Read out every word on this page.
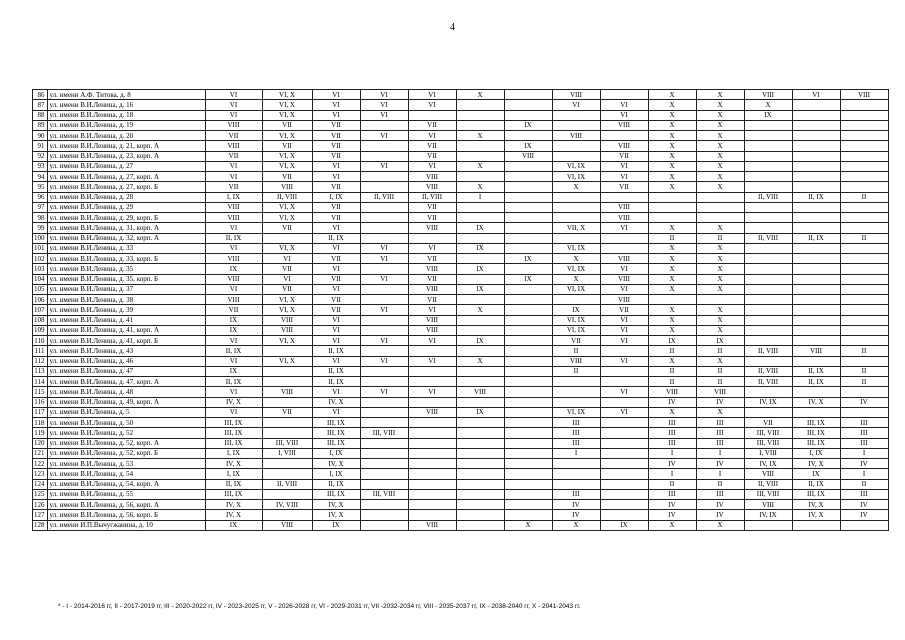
4
86	ул. имени А.Ф. Титова, д. 8	VI	VI, X	VI	VI	VI	X		VIII		X	X	VIII	VI	VIII
87	ул. имени В.И.Ленина, д. 16	VI	VI, X	VI	VI	VI			VI	VI	X	X	X		
88	ул. имени В.И.Ленина, д. 18	VI	VI, X	VI	VI					VI	X	X	IX		
89	ул. имени В.И.Ленина, д. 19	VIII	VII	VII		VII		IX		VIII	X	X			
90	ул. имени В.И.Ленина, д. 20	VII	VI, X	VII	VI	VI	X		VIII		X	X			
91	ул. имени В.И.Ленина, д. 21, корп. А	VIII	VII	VII		VII		IX		VIII	X	X			
92	ул. имени В.И.Ленина, д. 23, корп. А	VII	VI, X	VII		VII		VIII		VII	X	X			
93	ул. имени В.И.Ленина, д. 27	VI	VI, X	VI	VI	VI	X		VI, IX	VI	X	X			
94	ул. имени В.И.Ленина, д. 27, корп. А	VI	VII	VI		VIII			VI, IX	VI	X	X			
95	ул. имени В.И.Ленина, д. 27, корп. Б	VII	VIII	VII		VIII	X		X	VII	X	X			
96	ул. имени В.И.Ленина, д. 28	I, IX	II, VIII	I, IX	II, VIII	II, VIII	I						II, VIII	II, IX	II
97	ул. имени В.И.Ленина, д. 29	VIII	VI, X	VII		VII				VIII					
98	ул. имени В.И.Ленина, д. 29, корп. Б	VIII	VI, X	VII		VII				VIII					
99	ул. имени В.И.Ленина, д. 31, корп. А	VI	VII	VI		VIII	IX		VII, X	VI	X	X			
100	ул. имени В.И.Ленина, д. 32, корп. А	II, IX		II, IX							II	II	II, VIII	II, IX	II
101	ул. имени В.И.Ленина, д. 33	VI	VI, X	VI	VI	VI	IX		VI, IX		X	X			
102	ул. имени В.И.Ленина, д. 33, корп. Б	VIII	VI	VII	VI	VII		IX	X	VIII	X	X			
103	ул. имени В.И.Ленина, д. 35	IX	VII	VI		VIII	IX		VI, IX	VI	X	X			
104	ул. имени В.И.Ленина, д. 35, корп. Б	VIII	VI	VII	VI	VII		IX	X	VIII	X	X			
105	ул. имени В.И.Ленина, д. 37	VI	VII	VI		VIII	IX		VI, IX	VI	X	X			
106	ул. имени В.И.Ленина, д. 38	VIII	VI, X	VII		VII				VIII					
107	ул. имени В.И.Ленина, д. 39	VII	VI, X	VII	VI	VI	X		IX	VII	X	X			
108	ул. имени В.И.Ленина, д. 41	IX	VIII	VI		VIII			VI, IX	VI	X	X			
109	ул. имени В.И.Ленина, д. 41, корп. А	IX	VIII	VI		VIII			VI, IX	VI	X	X			
110	ул. имени В.И.Ленина, д. 41, корп. Б	VI	VI, X	VI	VI	VI	IX		VII	VI	IX	IX			
111	ул. имени В.И.Ленина, д. 43	II, IX		II, IX					II		II	II	II, VIII	VIII	II
112	ул. имени В.И.Ленина, д. 46	VI	VI, X	VI	VI	VI	X		VIII	VI	X	X			
113	ул. имени В.И.Ленина, д. 47	IX		II, IX					II		II	II	II, VIII	II, IX	II
114	ул. имени В.И.Ленина, д. 47, корп. А	II, IX		II, IX							II	II	II, VIII	II, IX	II
115	ул. имени В.И.Ленина, д. 48	VI	VIII	VI	VI	VI	VIII			VI	VIII	VIII			
116	ул. имени В.И.Ленина, д. 49, корп. А	IV, X		IV, X							IV	IV	IV, IX	IV, X	IV
117	ул. имени В.И.Ленина, д. 5	VI	VII	VI		VIII	IX		VI, IX	VI	X	X			
118	ул. имени В.И.Ленина, д. 50	III, IX		III, IX					III		III	III	VII	III, IX	III
119	ул. имени В.И.Ленина, д. 52	III, IX		III, IX	III, VIII				III		III	III	III, VIII	III, IX	III
120	ул. имени В.И.Ленина, д. 52, корп. А	III, IX	III, VIII	III, IX					III		III	III	III, VIII	III, IX	III
121	ул. имени В.И.Ленина, д. 52, корп. Б	I, IX	I, VIII	I, IX					I		I	I	I, VIII	I, IX	I
122	ул. имени В.И.Ленина, д. 53	IV, X		IV, X							IV	IV	IV, IX	IV, X	IV
123	ул. имени В.И.Ленина, д. 54	I, IX		I, IX							I	I	VIII	IX	I
124	ул. имени В.И.Ленина, д. 54, корп. А	II, IX	II, VIII	II, IX							II	II	II, VIII	II, IX	II
125	ул. имени В.И.Ленина, д. 55	III, IX		III, IX	III, VIII				III		III	III	III, VIII	III, IX	III
126	ул. имени В.И.Ленина, д. 56, корп. А	IV, X	IV, VIII	IV, X					IV		IV	IV	VIII	IV, X	IV
127	ул. имени В.И.Ленина, д. 56, корп. Б	IV, X		IV, X					IV		IV	IV	IV, IX	IV, X	IV
128	ул. имени И.П.Вычугжанина, д. 10	IX	VIII	IX		VIII		X	X	IX	X	X			
* - I - 2014-2016 гг, II - 2017-2019 гг, III - 2020-2022 гг, IV - 2023-2025 гг, V - 2026-2028 гг, VI - 2029-2031 гг, VII -2032-2034 гг, VIII - 2035-2037 гг, IX - 2038-2040 гг, X - 2041-2043 гг.
